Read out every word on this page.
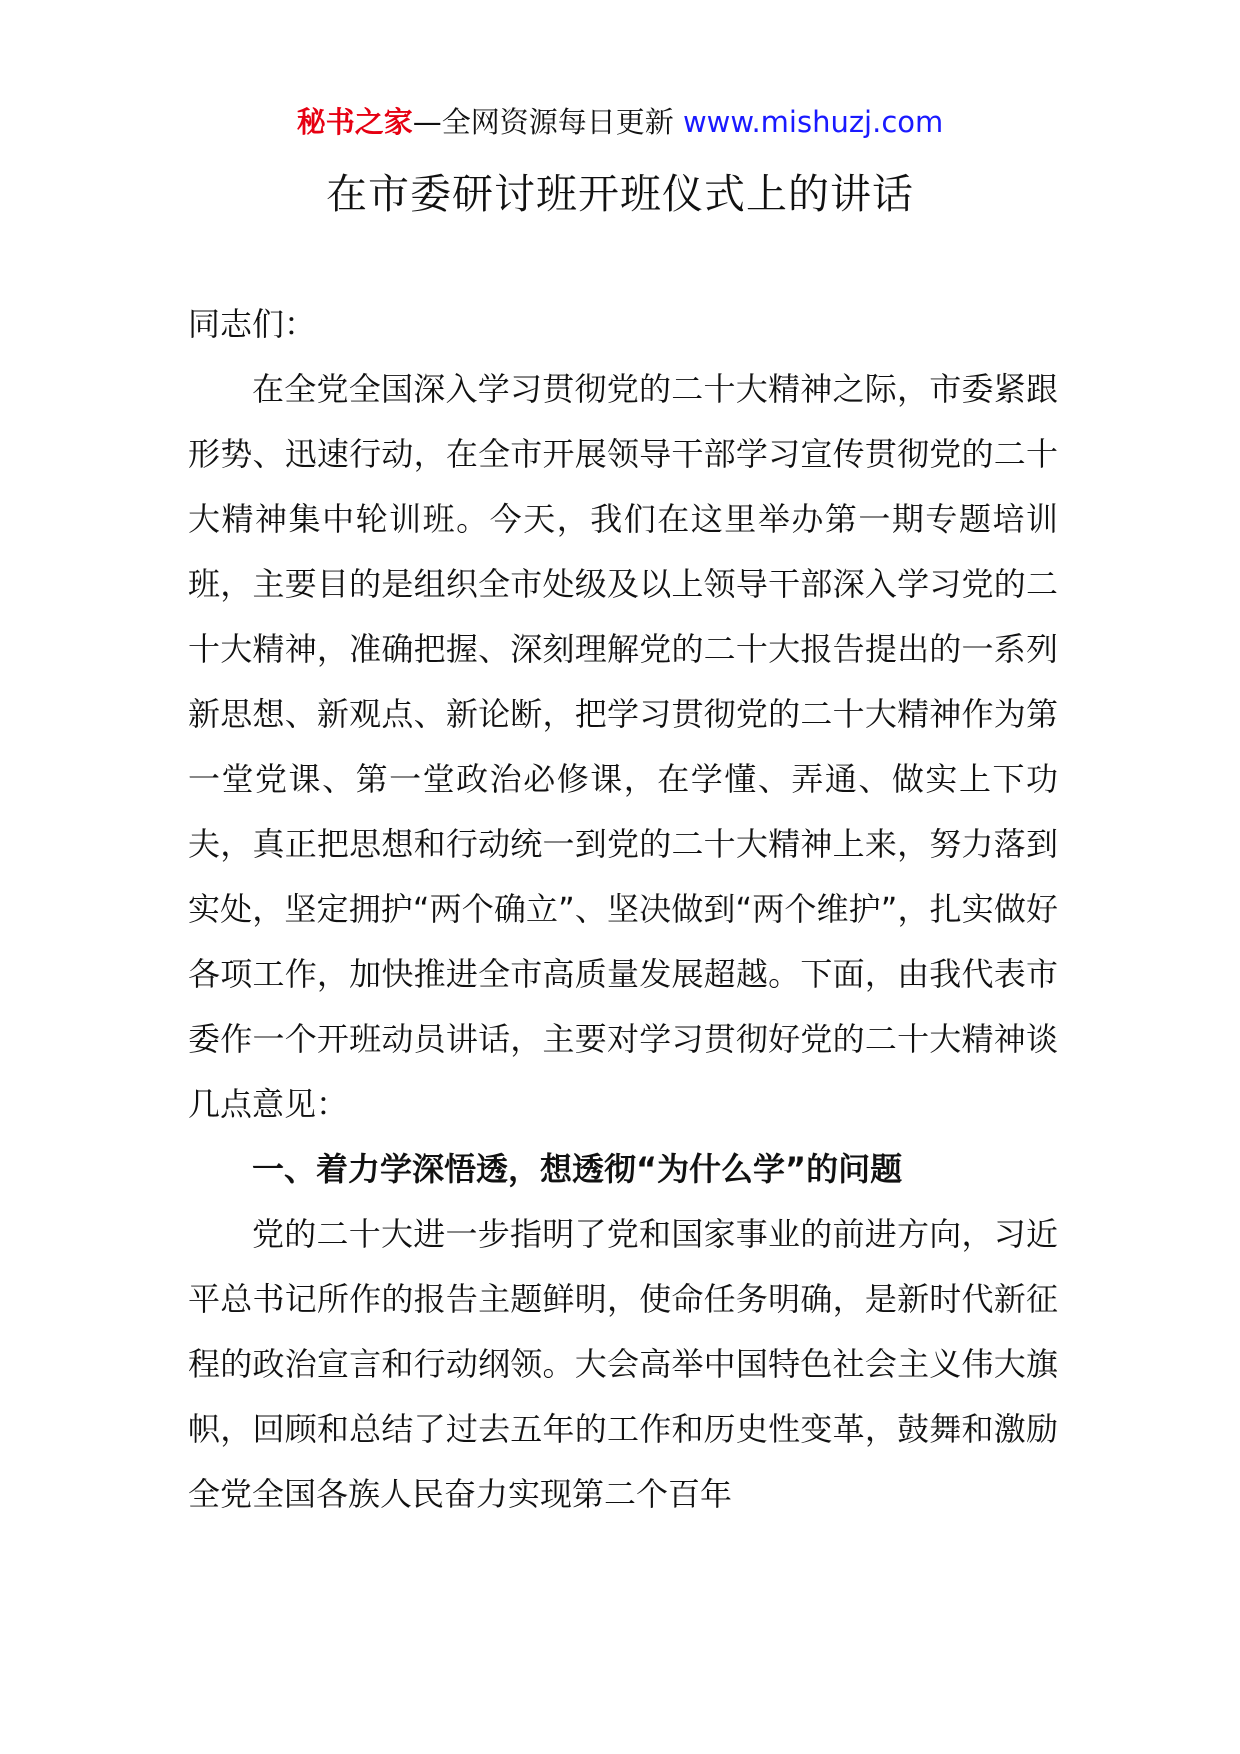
秘书之家—全网资源每日更新 www.mishuzj.com
在市委研讨班开班仪式上的讲话

同志们：

在全党全国深入学习贯彻党的二十大精神之际，市委紧跟形势、迅速行动，在全市开展领导干部学习宣传贯彻党的二十大精神集中轮训班。今天，我们在这里举办第一期专题培训班，主要目的是组织全市处级及以上领导干部深入学习党的二十大精神，准确把握、深刻理解党的二十大报告提出的一系列新思想、新观点、新论断，把学习贯彻党的二十大精神作为第一堂党课、第一堂政治必修课，在学懂、弄通、做实上下功夫，真正把思想和行动统一到党的二十大精神上来，努力落到实处，坚定拥护“两个确立”、坚决做到“两个维护”，扎实做好各项工作，加快推进全市高质量发展超越。下面，由我代表市委作一个开班动员讲话，主要对学习贯彻好党的二十大精神谈几点意见：

一、着力学深悟透，想透彻“为什么学”的问题

党的二十大进一步指明了党和国家事业的前进方向，习近平总书记所作的报告主题鲜明，使命任务明确，是新时代新征程的政治宣言和行动纲领。大会高举中国特色社会主义伟大旗帜，回顾和总结了过去五年的工作和历史性变革，鼓舞和激励全党全国各族人民奋力实现第二个百年
